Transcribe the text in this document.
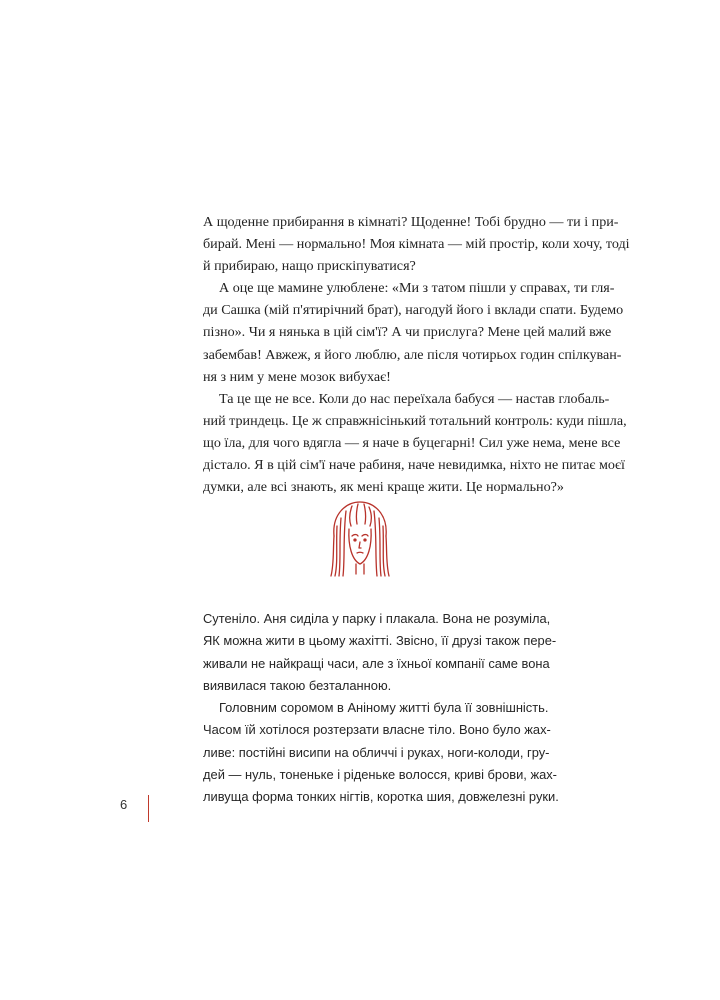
А щоденне прибирання в кімнаті? Щоденне! Тобі брудно — ти і при-
бирай. Мені — нормально! Моя кімната — мій простір, коли хочу, тоді
й прибираю, нащо прискіпуватися?
А оце ще мамине улюблене: «Ми з татом пішли у справах, ти гля-
ди Сашка (мій п'ятирічний брат), нагодуй його і вклади спати. Будемо
пізно». Чи я нянька в цій сім'ї? А чи прислуга? Мене цей малий вже
забембав! Авжеж, я його люблю, але після чотирьох годин спілкуван-
ня з ним у мене мозок вибухає!
Та це ще не все. Коли до нас переїхала бабуся — настав глобаль-
ний триндець. Це ж справжнісінький тотальний контроль: куди пішла,
що їла, для чого вдягла — я наче в буцегарні! Сил уже нема, мене все
дістало. Я в цій сім'ї наче рабиня, наче невидимка, ніхто не питає моєї
думки, але всі знають, як мені краще жити. Це нормально?»
Сутеніло. Аня сиділа у парку і плакала. Вона не розуміла,
ЯК можна жити в цьому жахітті. Звісно, її друзі також пере-
живали не найкращі часи, але з їхньої компанії саме вона
виявилася такою безталанною.
Головним соромом в Аніному житті була її зовнішність.
Часом їй хотілося розтерзати власне тіло. Воно було жах-
ливе: постійні висипи на обличчі і руках, ноги-колоди, гру-
дей — нуль, тоненьке і ріденьке волосся, криві брови, жах-
ливуща форма тонких нігтів, коротка шия, довжелезні руки.
6
